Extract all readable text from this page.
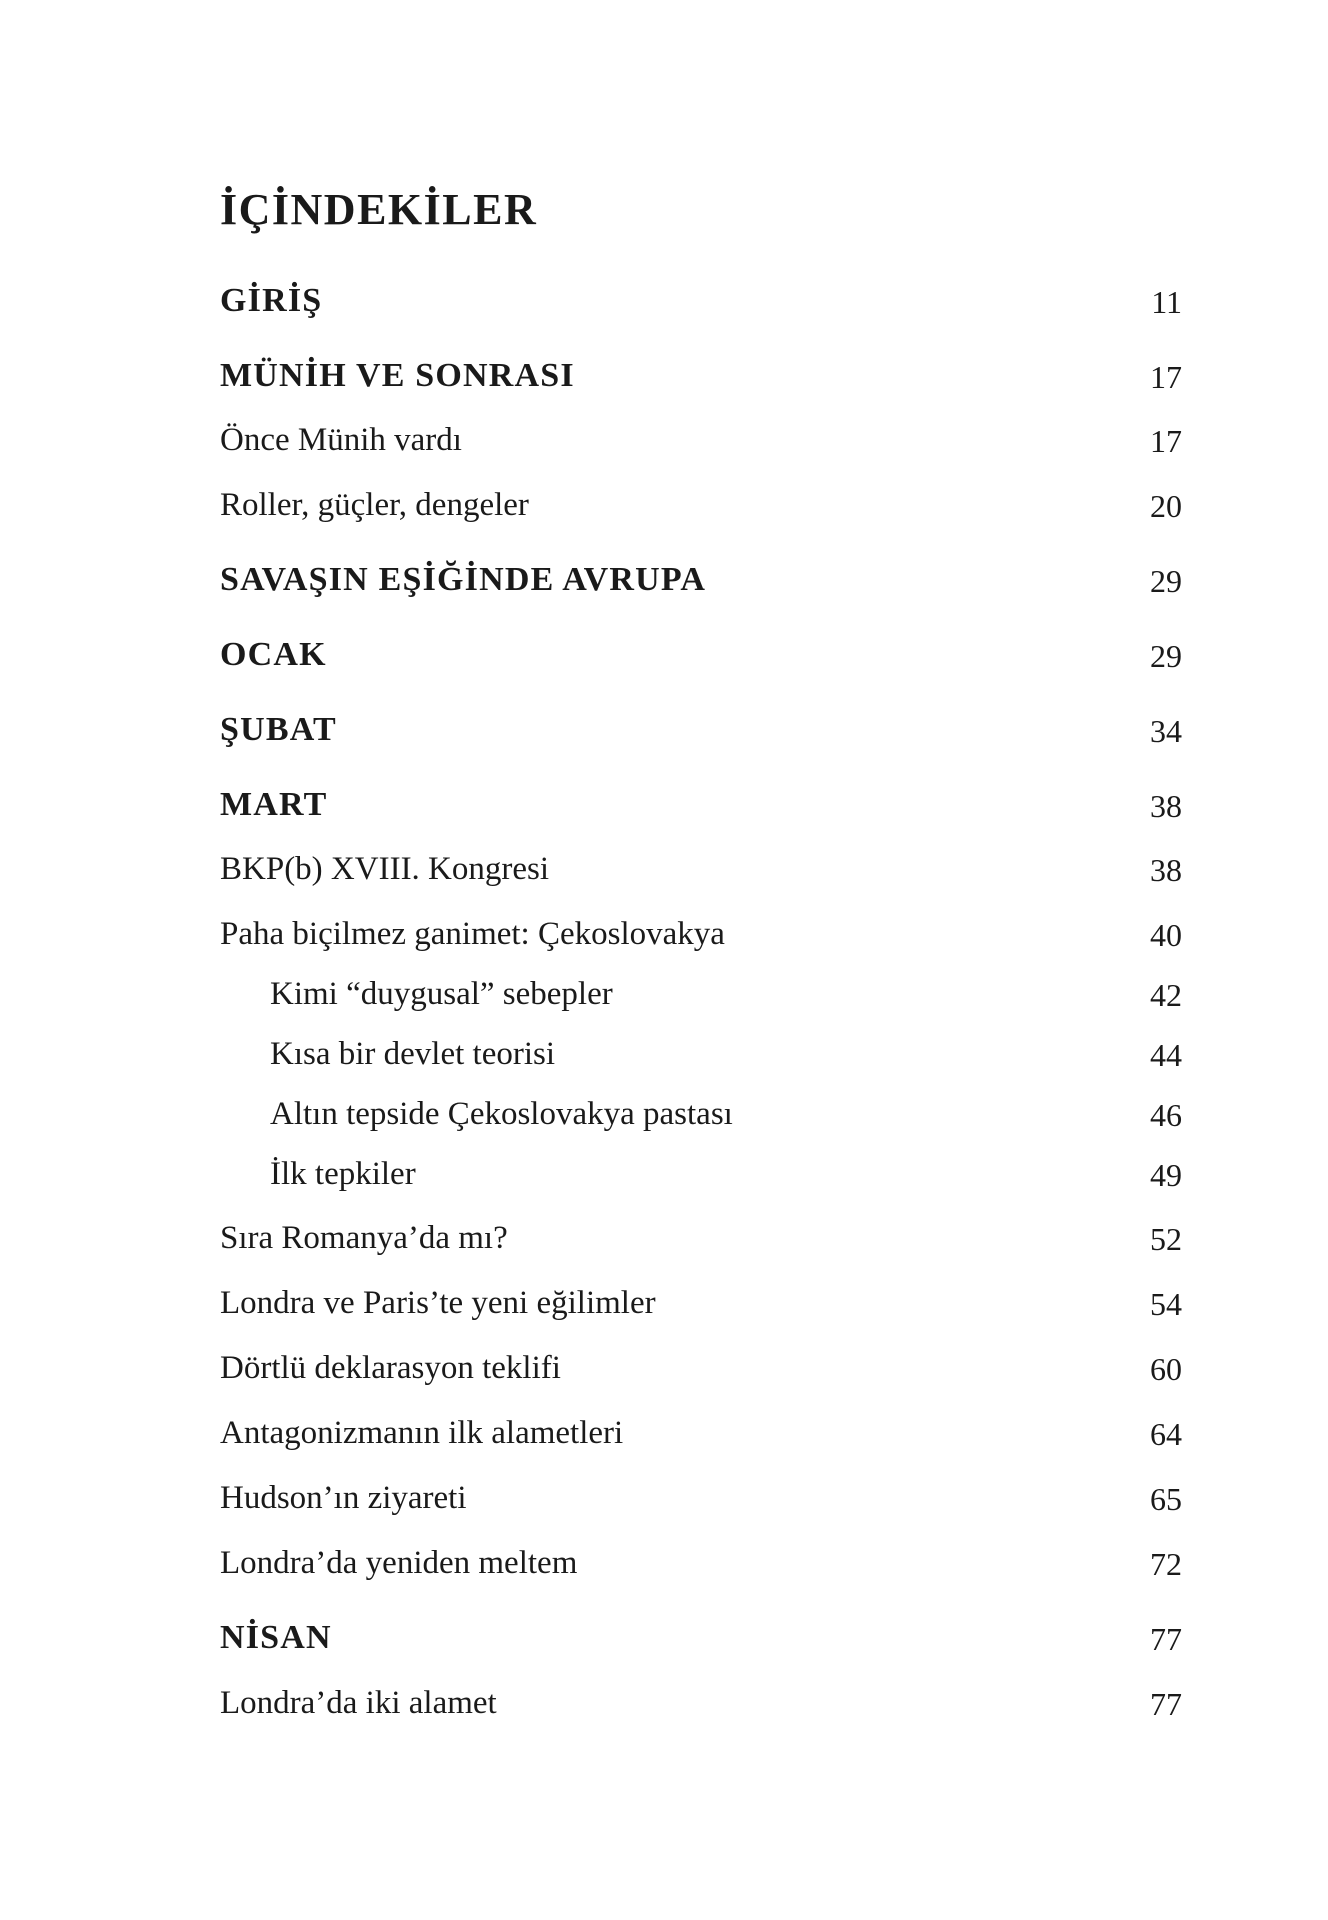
İÇİNDEKİLER
GİRİŞ	11
MÜNİH VE SONRASI	17
Önce Münih vardı	17
Roller, güçler, dengeler	20
SAVAŞIN EŞİĞİNDE AVRUPA	29
OCAK	29
ŞUBAT	34
MART	38
BKP(b) XVIII. Kongresi	38
Paha biçilmez ganimet: Çekoslovakya	40
Kimi “duygusal” sebepler	42
Kısa bir devlet teorisi	44
Altın tepside Çekoslovakya pastası	46
İlk tepkiler	49
Sıra Romanya’da mı?	52
Londra ve Paris’te yeni eğilimler	54
Dörtlü deklarasyon teklifi	60
Antagonizmanın ilk alametleri	64
Hudson’ın ziyareti	65
Londra’da yeniden meltem	72
NİSAN	77
Londra’da iki alamet	77
